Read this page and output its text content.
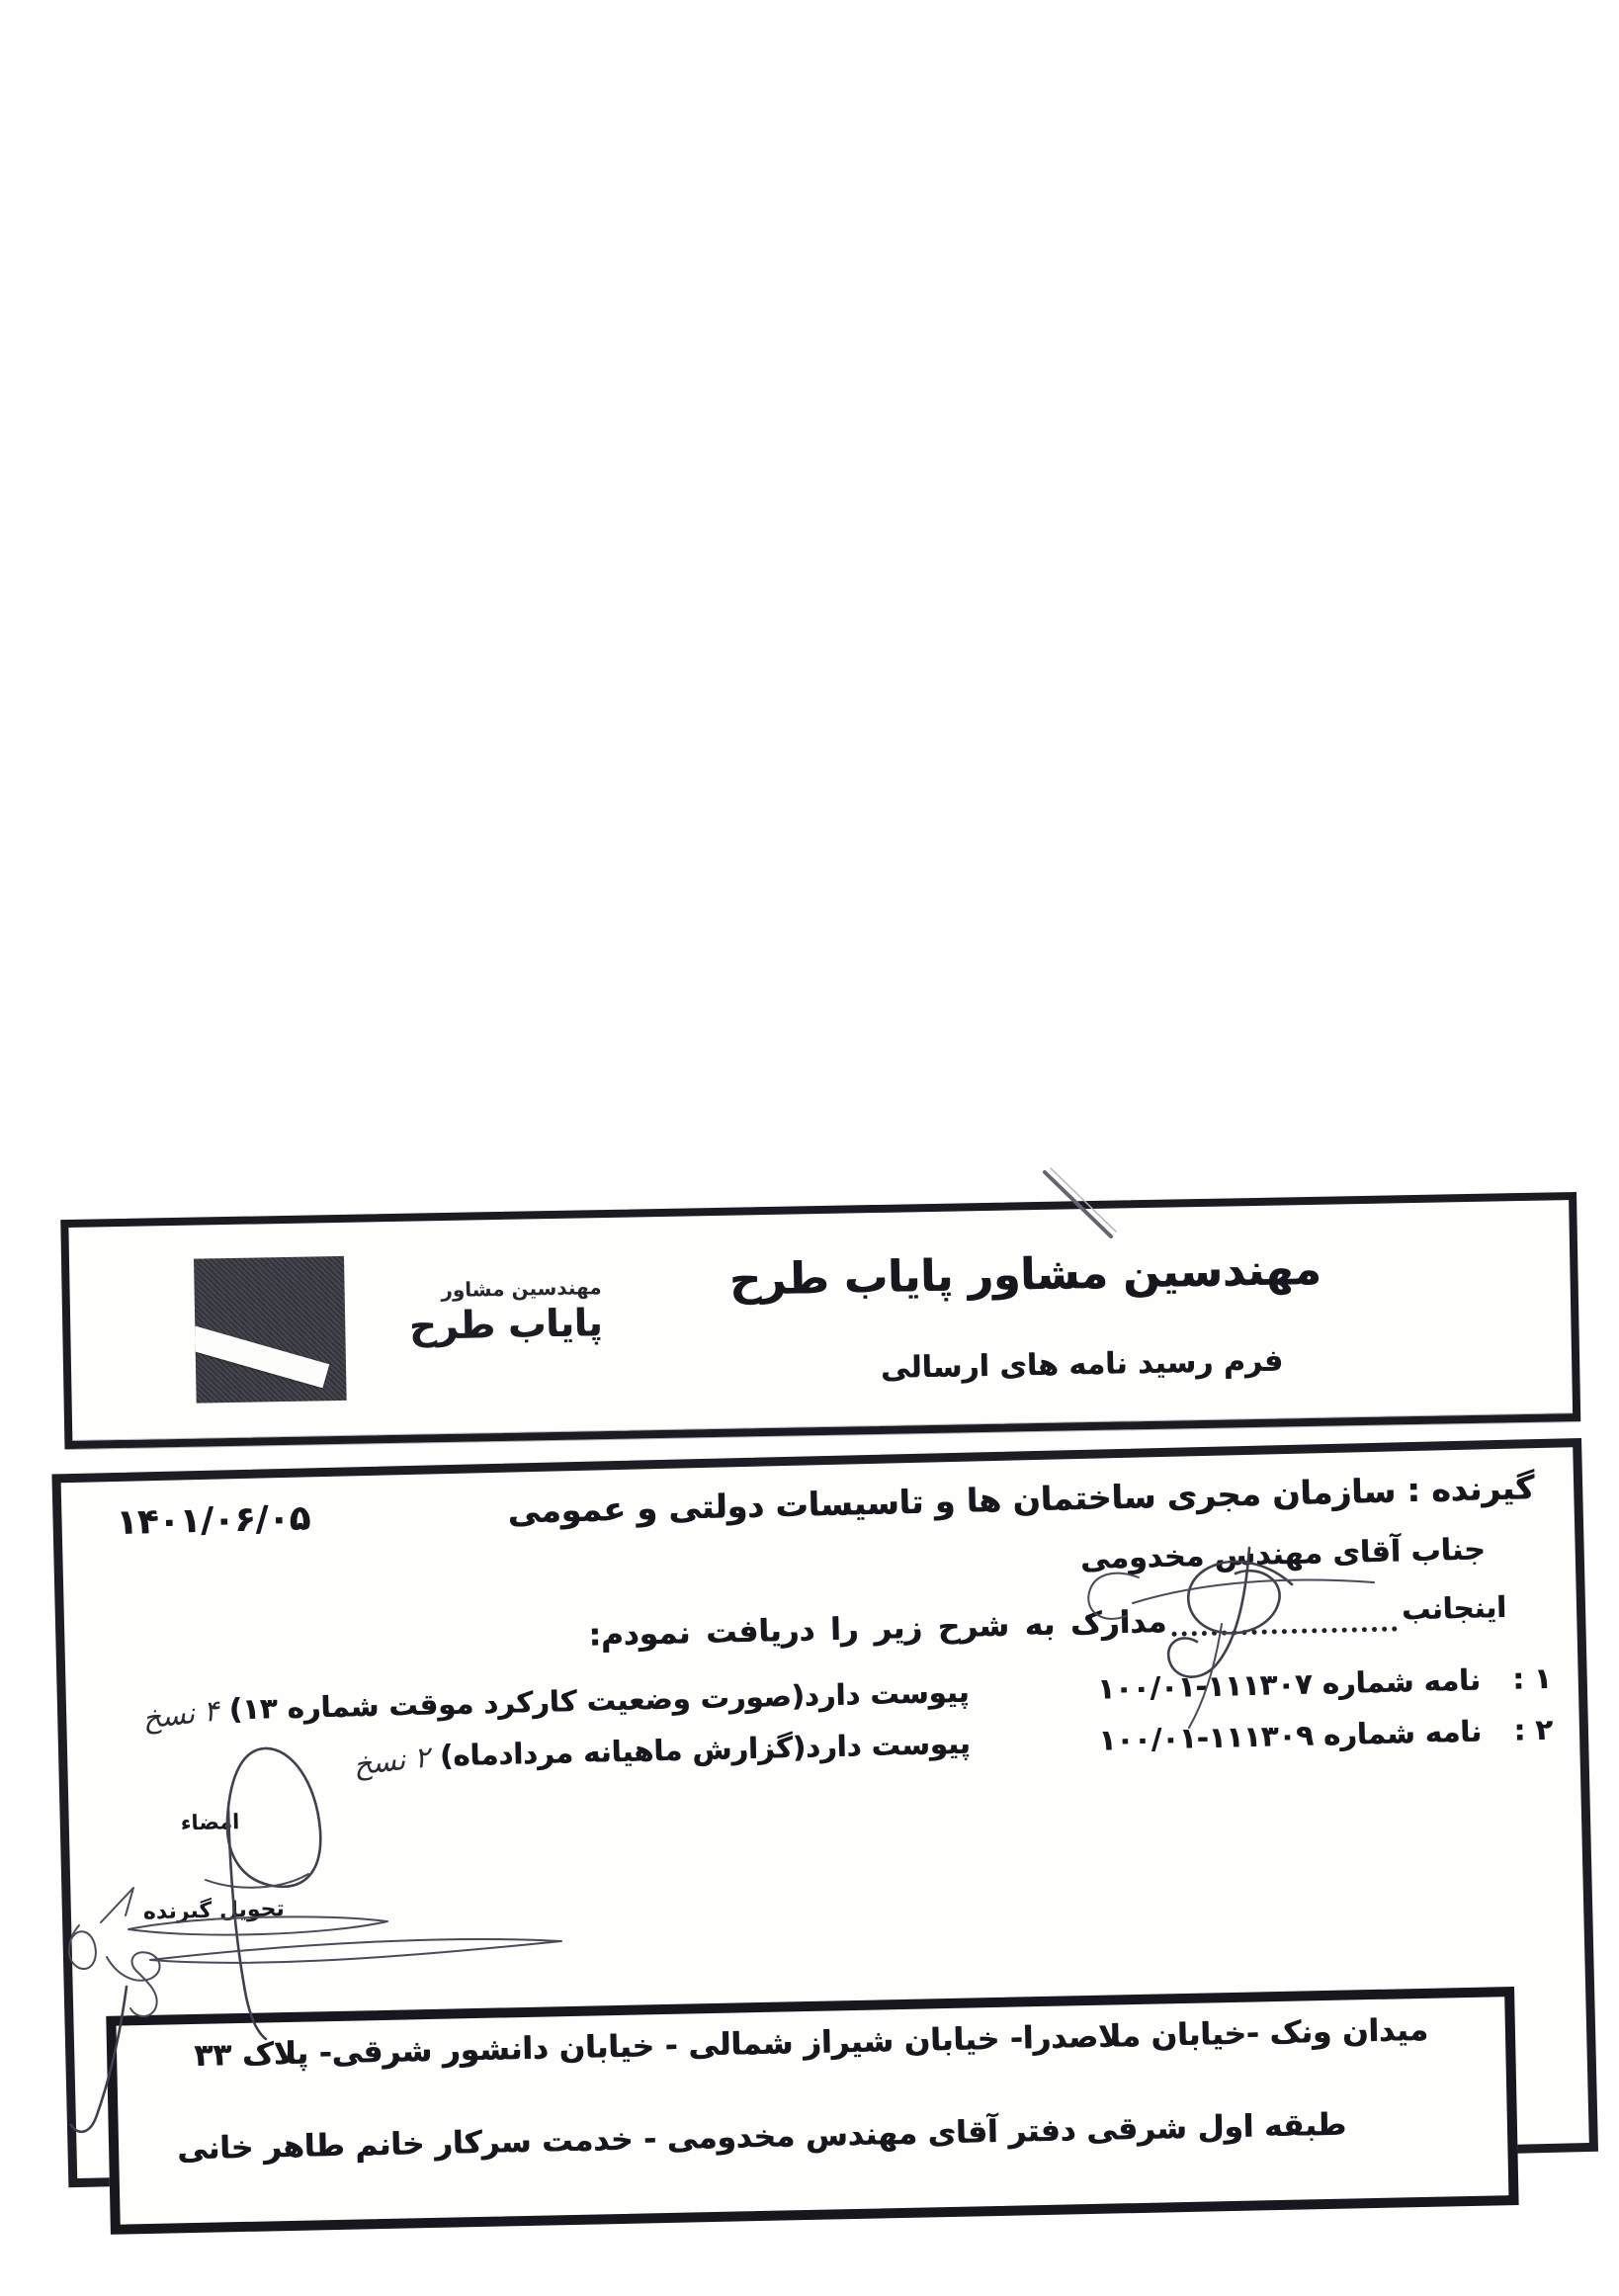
مهندسین مشاور
پایاب طرح
مهندسین مشاور پایاب طرح
فرم رسید نامه های ارسالی
گیرنده : سازمان مجری ساختمان ها و تاسیسات دولتی و عمومی
۱۴۰۱/۰۶/۰۵
جناب آقای مهندس مخدومی
اینجانب
مدارک به شرح زیر را دریافت نمودم:
۱ :
نامه شماره ۱۱۱۳۰۷-۱۰۰/۰۱
پیوست دارد(صورت وضعیت کارکرد موقت شماره ۱۳)
۴ نسخ
۲ :
نامه شماره ۱۱۱۳۰۹-۱۰۰/۰۱
پیوست دارد(گزارش ماهیانه مردادماه)
۲ نسخ
امضاء
تحویل گیرنده
میدان ونک -خیابان ملاصدرا- خیابان شیراز شمالی - خیابان دانشور شرقی- پلاک ۳۳
طبقه اول شرقی دفتر آقای مهندس مخدومی - خدمت سرکار خانم طاهر خانی
